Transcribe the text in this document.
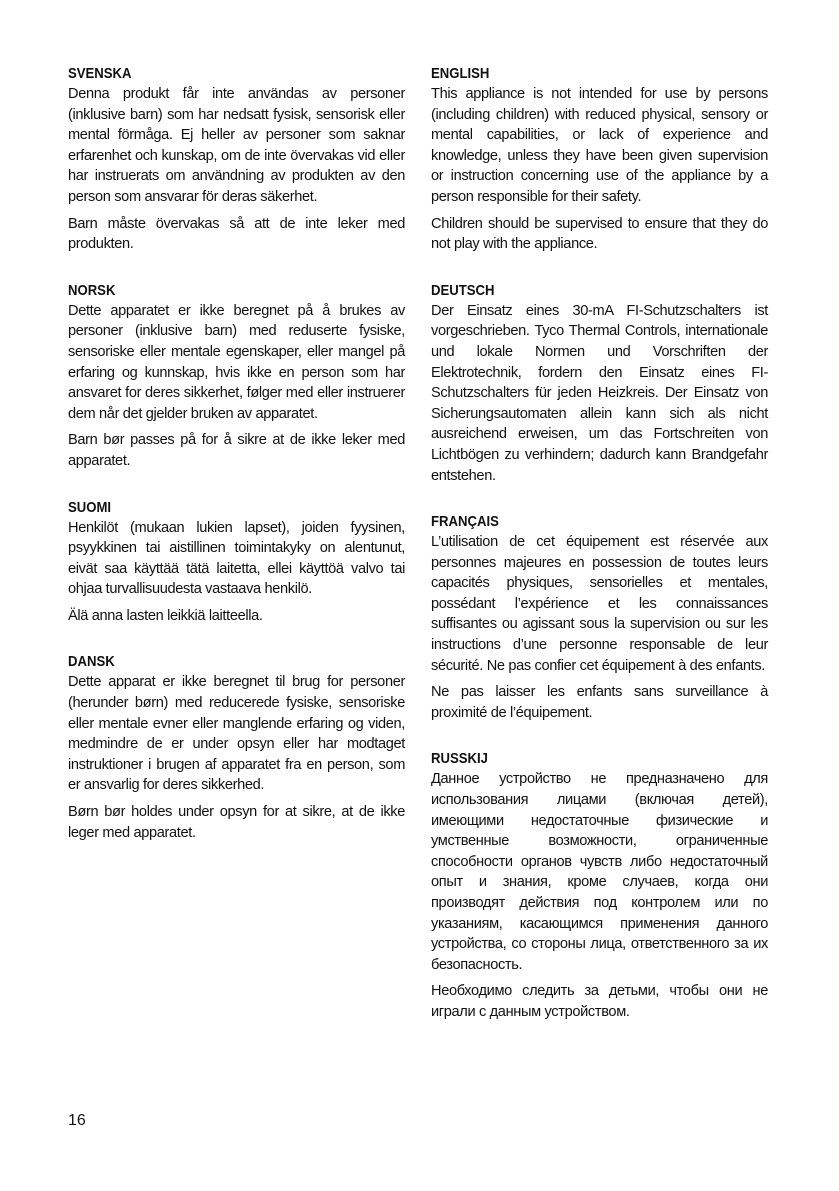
SVENSKA

Denna produkt får inte användas av personer (inklusive barn) som har nedsatt fysisk, sensorisk eller mental förmåga. Ej heller av personer som saknar erfarenhet och kunskap, om de inte övervakas vid eller har instruerats om användning av produkten av den person som ansvarar för deras säkerhet.

Barn måste övervakas så att de inte leker med produkten.

NORSK

Dette apparatet er ikke beregnet på å brukes av personer (inklusive barn) med reduserte fysiske, sensoriske eller mentale egenskaper, eller mangel på erfaring og kunnskap, hvis ikke en person som har ansvaret for deres sikkerhet, følger med eller instruerer dem når det gjelder bruken av apparatet.

Barn bør passes på for å sikre at de ikke leker med apparatet.

SUOMI

Henkilöt (mukaan lukien lapset), joiden fyysinen, psyykkinen tai aistillinen toimintakyky on alentunut, eivät saa käyttää tätä laitetta, ellei käyttöä valvo tai ohjaa turvallisuudesta vastaava henkilö.

Älä anna lasten leikkiä laitteella.

DANSK

Dette apparat er ikke beregnet til brug for personer (herunder børn) med reducerede fysiske, sensoriske eller mentale evner eller manglende erfaring og viden, medmindre de er under opsyn eller har modtaget instruktioner i brugen af apparatet fra en person, som er ansvarlig for deres sikkerhed.

Børn bør holdes under opsyn for at sikre, at de ikke leger med apparatet.

ENGLISH

This appliance is not intended for use by persons (including children) with reduced physical, sensory or mental capabilities, or lack of experience and knowledge, unless they have been given supervision or instruction concerning use of the appliance by a person responsible for their safety.

Children should be supervised to ensure that they do not play with the appliance.

DEUTSCH

Der Einsatz eines 30-mA FI-Schutzschalters ist vorgeschrieben. Tyco Thermal Controls, internationale und lokale Normen und Vorschriften der Elektrotechnik, fordern den Einsatz eines FI-Schutzschalters für jeden Heizkreis. Der Einsatz von Sicherungsautomaten allein kann sich als nicht ausreichend erweisen, um das Fortschreiten von Lichtbögen zu verhindern; dadurch kann Brandgefahr entstehen.

FRANÇAIS

L’utilisation de cet équipement est réservée aux personnes majeures en possession de toutes leurs capacités physiques, sensorielles et mentales, possédant l’expérience et les connaissances suffisantes ou agissant sous la supervision ou sur les instructions d’une personne responsable de leur sécurité. Ne pas confier cet équipement à des enfants.

Ne pas laisser les enfants sans surveillance à proximité de l’équipement.

RUSSKIJ

Данное устройство не предназначено для использования лицами (включая детей), имеющими недостаточные физические и умственные возможности, ограниченные способности органов чувств либо недостаточный опыт и знания, кроме случаев, когда они производят действия под контролем или по указаниям, касающимся применения данного устройства, со стороны лица, ответственного за их безопасность.

Необходимо следить за детьми, чтобы они не играли с данным устройством.

16
